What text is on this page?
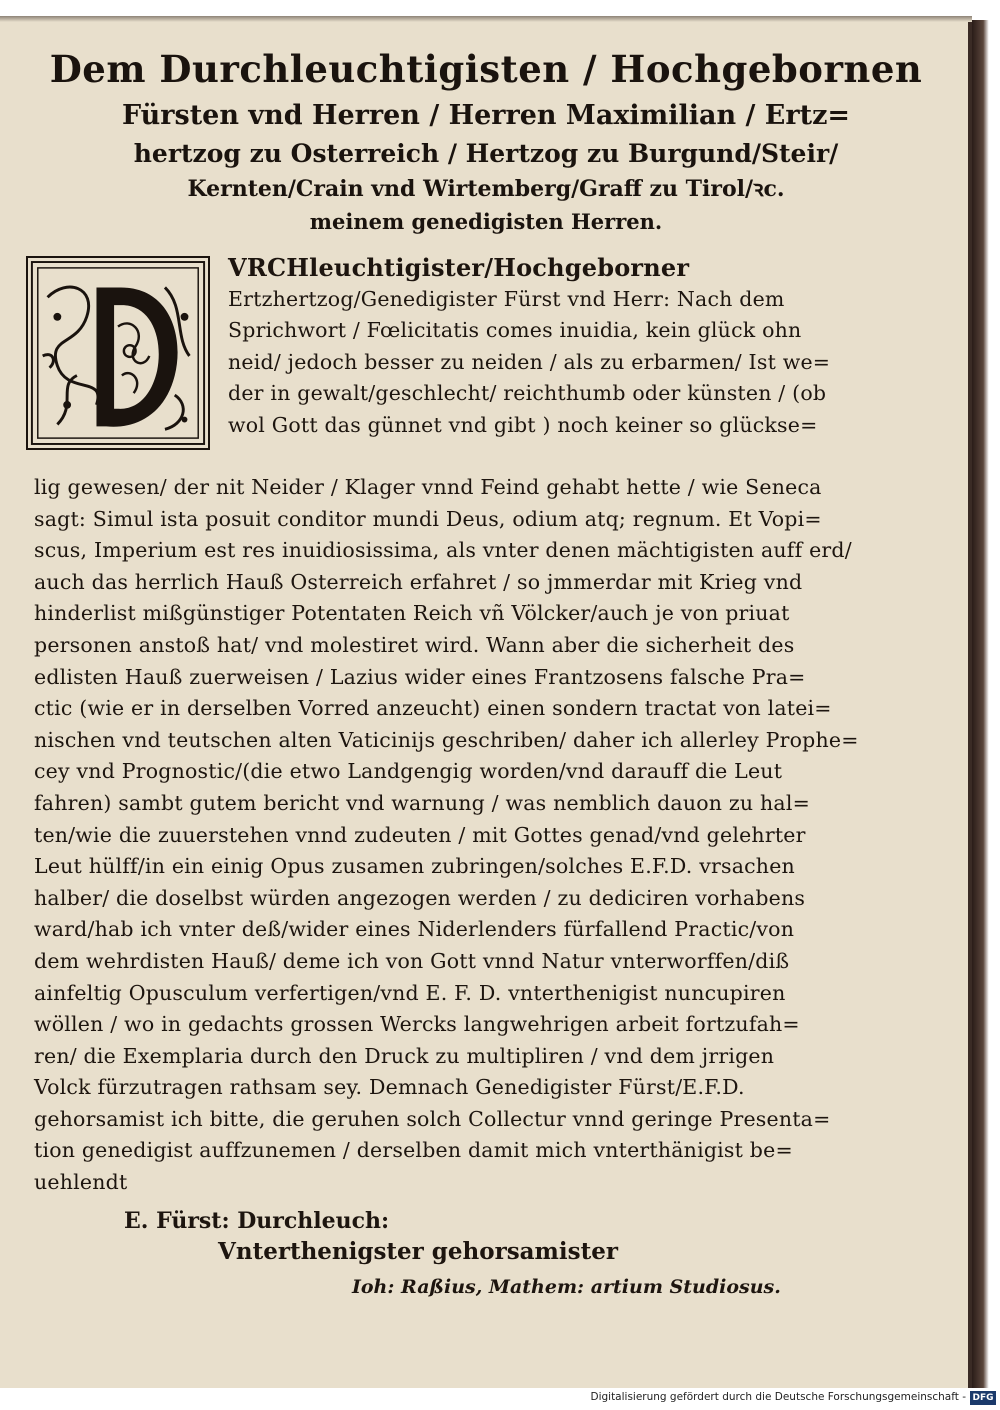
Dem Durchleuchtigisten / Hochgebornen
Fürsten vnd Herren / Herren Maximilian / Ertz=
hertzog zu Osterreich / Hertzog zu Burgund/Steir/
Kernten/Crain vnd Wirtemberg/Graff zu Tirol/ꝛc.
meinem genedigisten Herren.
VRCHleuchtigister/Hochgeborner
Ertzhertzog/Genedigister Fürst vnd Herr: Nach dem
Sprichwort / Fœlicitatis comes inuidia, kein glück ohn
neid/ jedoch besser zu neiden / als zu erbarmen/ Ist we=
der in gewalt/geschlecht/ reichthumb oder künsten / (ob
wol Gott das günnet vnd gibt ) noch keiner so glückse=
lig gewesen/ der nit Neider / Klager vnnd Feind gehabt hette / wie Seneca
sagt: Simul ista posuit conditor mundi Deus, odium atq; regnum. Et Vopi=
scus, Imperium est res inuidiosissima, als vnter denen mächtigisten auff erd/
auch das herrlich Hauß Osterreich erfahret / so jmmerdar mit Krieg vnd
hinderlist mißgünstiger Potentaten Reich vñ Völcker/auch je von priuat
personen anstoß hat/ vnd molestiret wird. Wann aber die sicherheit des
edlisten Hauß zuerweisen / Lazius wider eines Frantzosens falsche Pra=
ctic (wie er in derselben Vorred anzeucht) einen sondern tractat von latei=
nischen vnd teutschen alten Vaticinijs geschriben/ daher ich allerley Prophe=
cey vnd Prognostic/(die etwo Landgengig worden/vnd darauff die Leut
fahren) sambt gutem bericht vnd warnung / was nemblich dauon zu hal=
ten/wie die zuuerstehen vnnd zudeuten / mit Gottes genad/vnd gelehrter
Leut hülff/in ein einig Opus zusamen zubringen/solches E.F.D. vrsachen
halber/ die doselbst würden angezogen werden / zu dediciren vorhabens
ward/hab ich vnter deß/wider eines Niderlenders fürfallend Practic/von
dem wehrdisten Hauß/ deme ich von Gott vnnd Natur vnterworffen/diß
ainfeltig Opusculum verfertigen/vnd E. F. D. vnterthenigist nuncupiren
wöllen / wo in gedachts grossen Wercks langwehrigen arbeit fortzufah=
ren/ die Exemplaria durch den Druck zu multipliren / vnd dem jrrigen
Volck fürzutragen rathsam sey. Demnach Genedigister Fürst/E.F.D.
gehorsamist ich bitte, die geruhen solch Collectur vnnd geringe Presenta=
tion genedigist auffzunemen / derselben damit mich vnterthänigist be=
uehlendt
E. Fürst: Durchleuch:
Vnterthenigster gehorsamister
Ioh: Raßius, Mathem: artium Studiosus.
Digitalisierung gefördert durch die Deutsche Forschungsgemeinschaft - DFG
